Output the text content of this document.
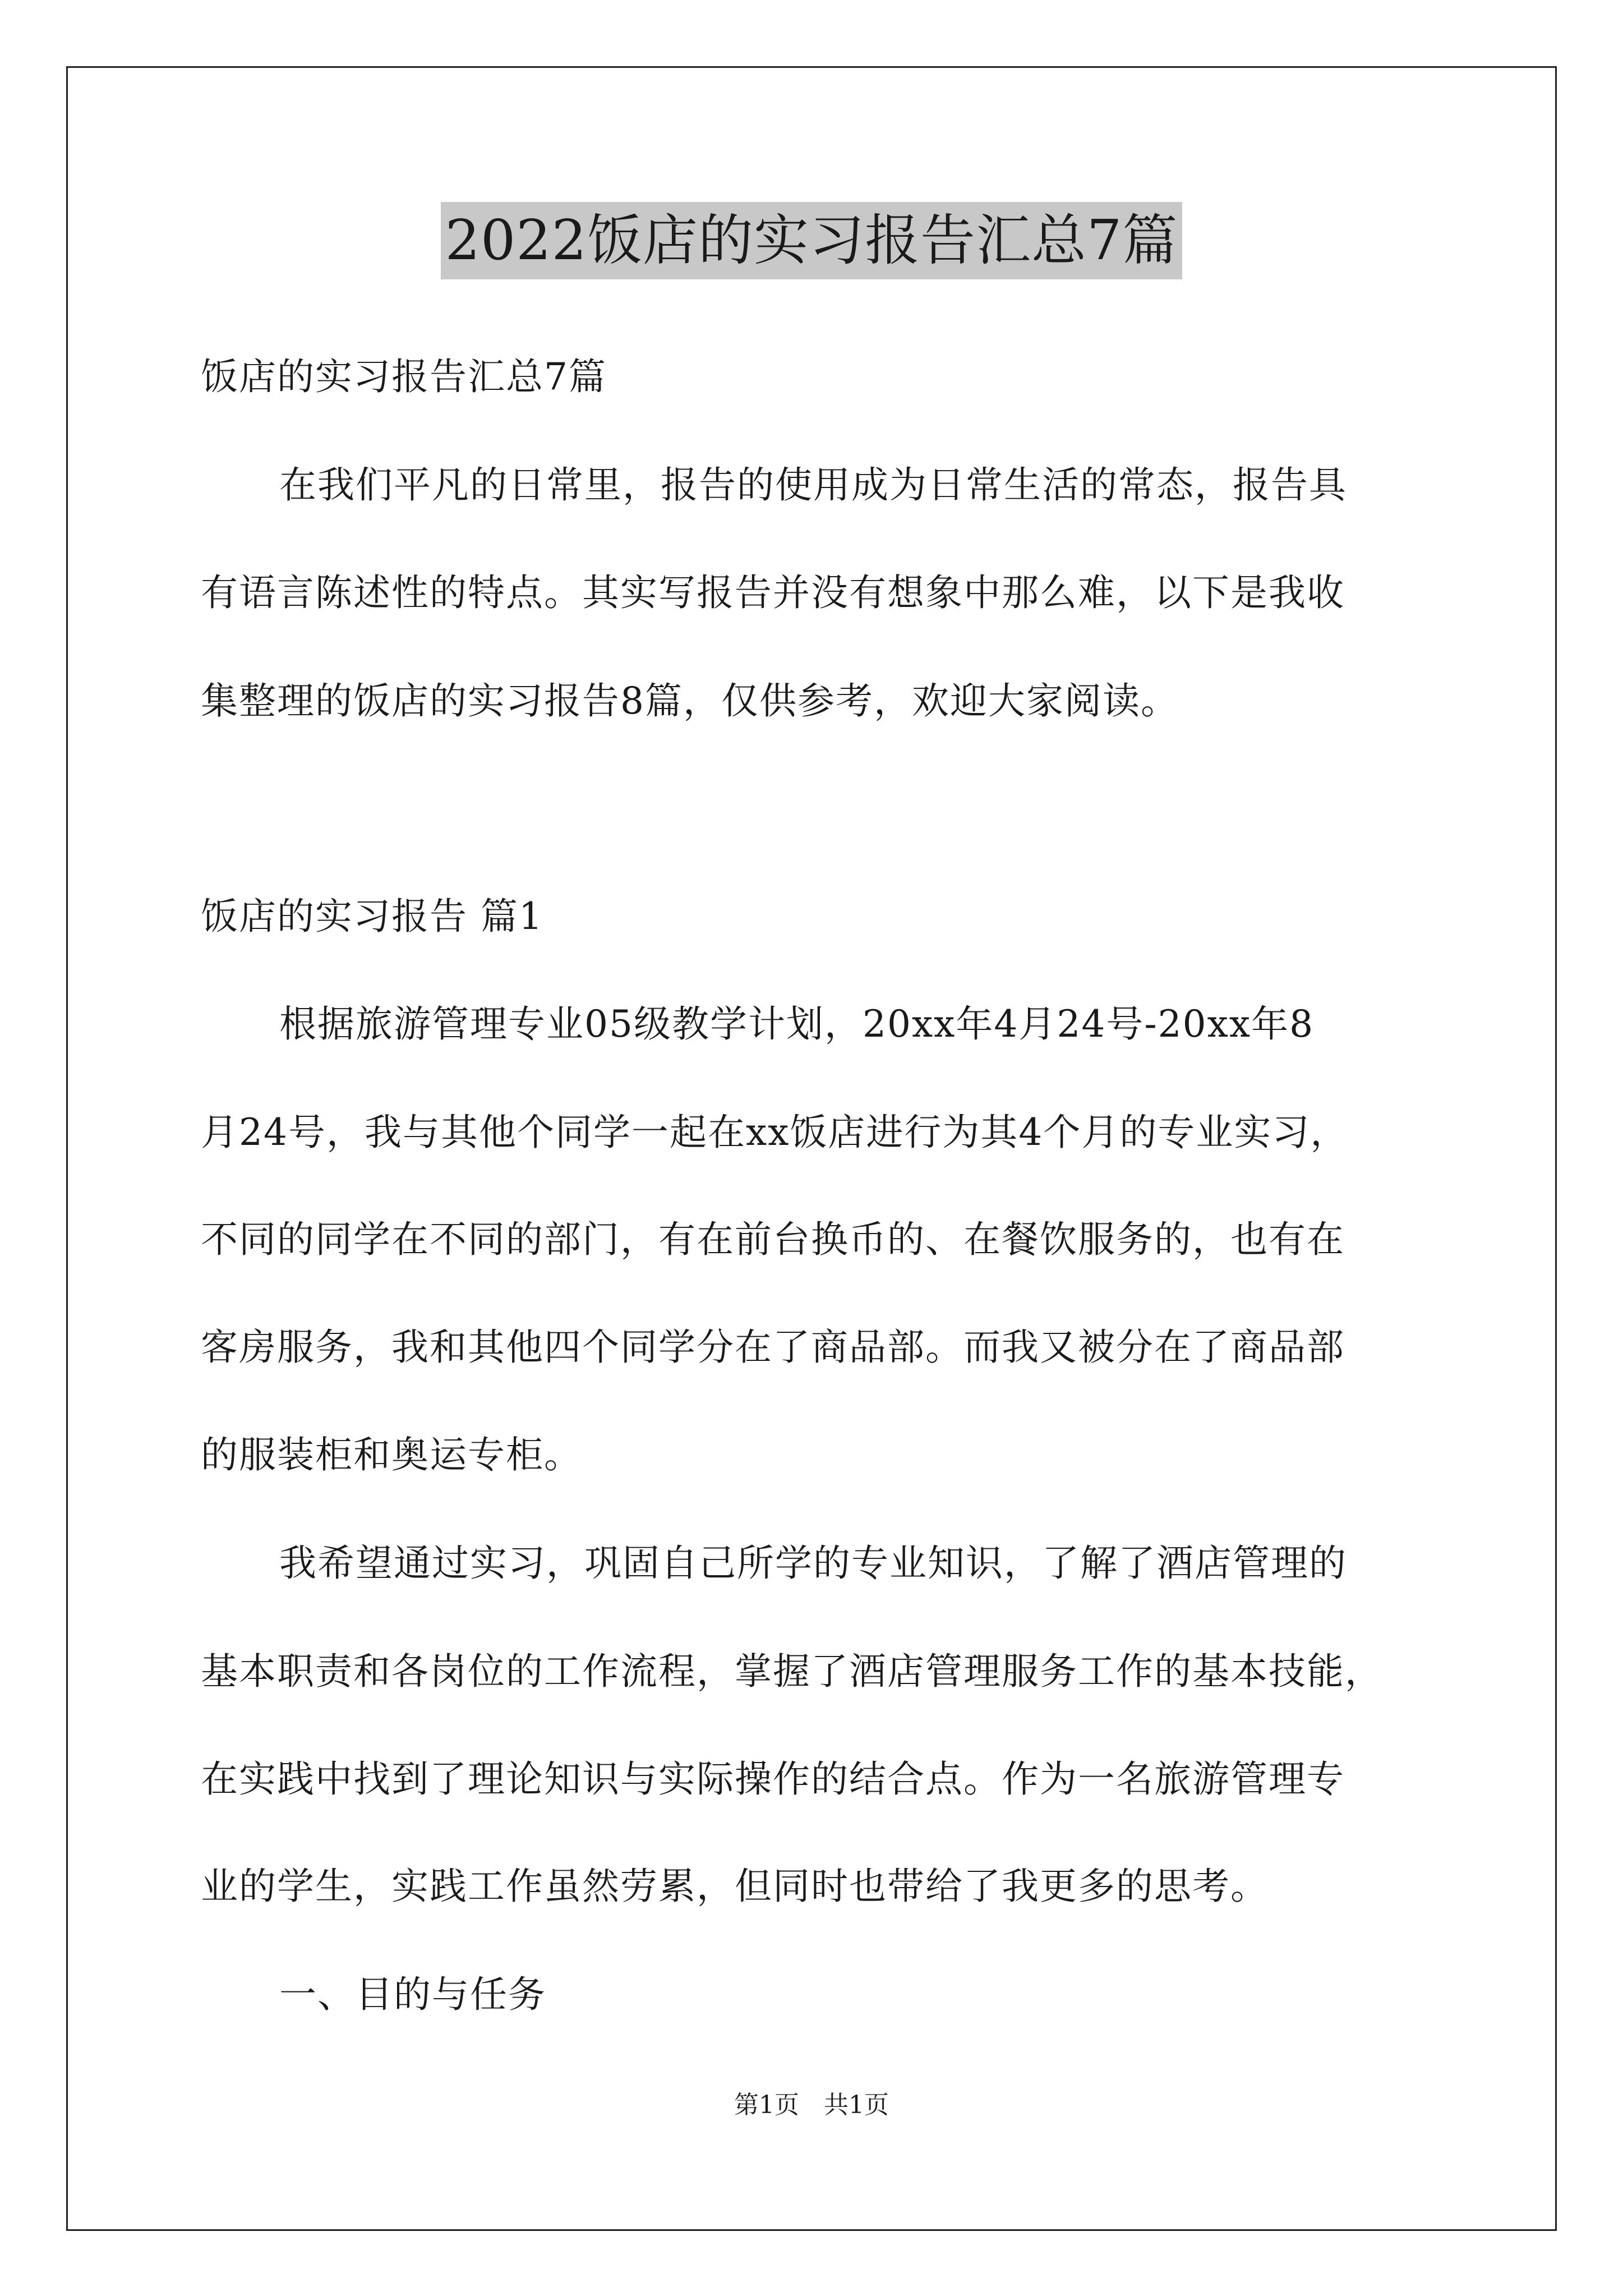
2022饭店的实习报告汇总7篇
饭店的实习报告汇总7篇
在我们平凡的日常里，报告的使用成为日常生活的常态，报告具
有语言陈述性的特点。其实写报告并没有想象中那么难，以下是我收
集整理的饭店的实习报告8篇，仅供参考，欢迎大家阅读。
饭店的实习报告 篇1
根据旅游管理专业05级教学计划，20xx年4月24号-20xx年8
月24号，我与其他个同学一起在xx饭店进行为其4个月的专业实习，
不同的同学在不同的部门，有在前台换币的、在餐饮服务的，也有在
客房服务，我和其他四个同学分在了商品部。而我又被分在了商品部
的服装柜和奥运专柜。
我希望通过实习，巩固自己所学的专业知识，了解了酒店管理的
基本职责和各岗位的工作流程，掌握了酒店管理服务工作的基本技能，
在实践中找到了理论知识与实际操作的结合点。作为一名旅游管理专
业的学生，实践工作虽然劳累，但同时也带给了我更多的思考。
一、目的与任务
第1页　共1页
